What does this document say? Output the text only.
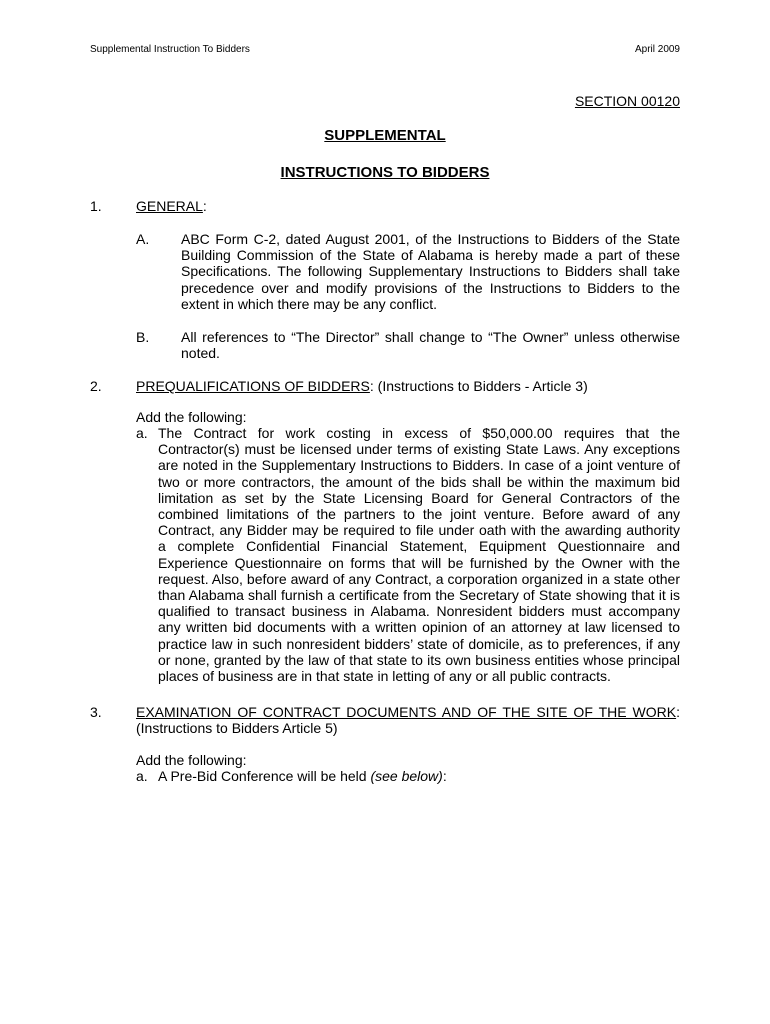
Supplemental Instruction To Bidders	April 2009
SECTION 00120
SUPPLEMENTAL
INSTRUCTIONS TO BIDDERS
1. GENERAL:
A. ABC Form C-2, dated August 2001, of the Instructions to Bidders of the State Building Commission of the State of Alabama is hereby made a part of these Specifications. The following Supplementary Instructions to Bidders shall take precedence over and modify provisions of the Instructions to Bidders to the extent in which there may be any conflict.
B. All references to “The Director” shall change to “The Owner” unless otherwise noted.
2. PREQUALIFICATIONS OF BIDDERS: (Instructions to Bidders - Article 3)
Add the following:
a. The Contract for work costing in excess of $50,000.00 requires that the Contractor(s) must be licensed under terms of existing State Laws. Any exceptions are noted in the Supplementary Instructions to Bidders. In case of a joint venture of two or more contractors, the amount of the bids shall be within the maximum bid limitation as set by the State Licensing Board for General Contractors of the combined limitations of the partners to the joint venture. Before award of any Contract, any Bidder may be required to file under oath with the awarding authority a complete Confidential Financial Statement, Equipment Questionnaire and Experience Questionnaire on forms that will be furnished by the Owner with the request. Also, before award of any Contract, a corporation organized in a state other than Alabama shall furnish a certificate from the Secretary of State showing that it is qualified to transact business in Alabama. Nonresident bidders must accompany any written bid documents with a written opinion of an attorney at law licensed to practice law in such nonresident bidders’ state of domicile, as to preferences, if any or none, granted by the law of that state to its own business entities whose principal places of business are in that state in letting of any or all public contracts.
3. EXAMINATION OF CONTRACT DOCUMENTS AND OF THE SITE OF THE WORK:
(Instructions to Bidders Article 5)
Add the following:
a. A Pre-Bid Conference will be held (see below):
